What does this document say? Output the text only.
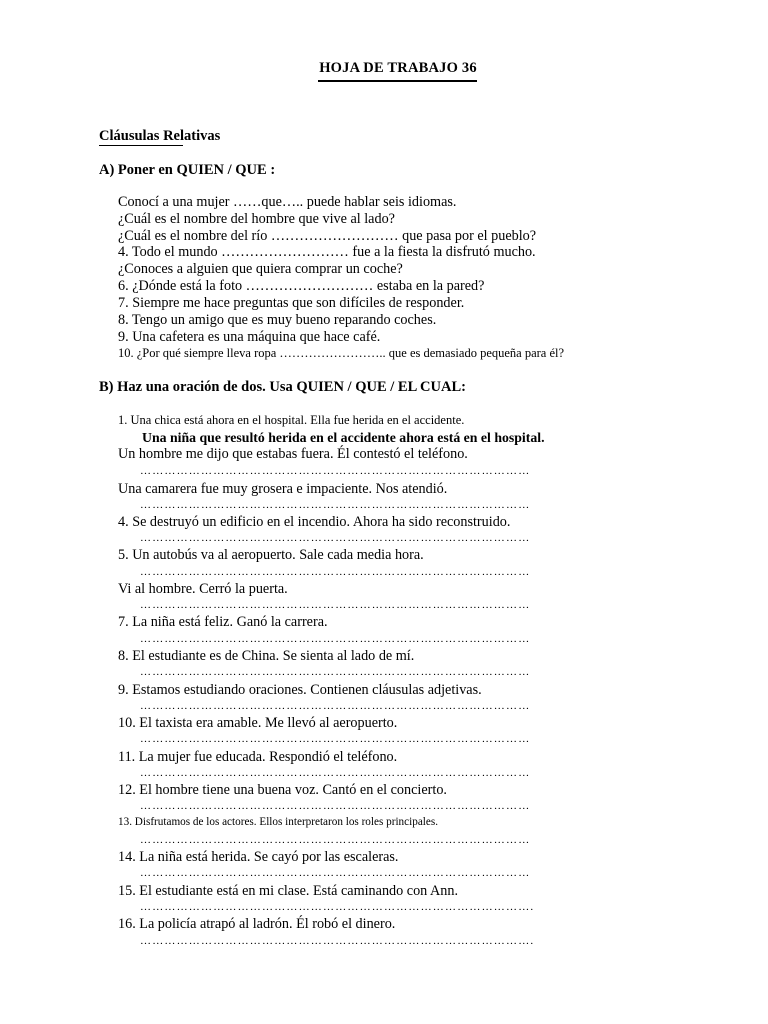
HOJA DE TRABAJO 36
Cláusulas Relativas
A) Poner en QUIEN / QUE :
Conocí a una mujer ……que….. puede hablar seis idiomas.
¿Cuál es el nombre del hombre que vive al lado?
¿Cuál es el nombre del río ……………………… que pasa por el pueblo?
4. Todo el mundo ……………………… fue a la fiesta la disfrutó mucho.
¿Conoces a alguien que quiera comprar un coche?
6. ¿Dónde está la foto ……………………… estaba en la pared?
7. Siempre me hace preguntas que son difíciles de responder.
8. Tengo un amigo que es muy bueno reparando coches.
9. Una cafetera es una máquina que hace café.
10. ¿Por qué siempre lleva ropa …………………….. que es demasiado pequeña para él?
B) Haz una oración de dos. Usa QUIEN / QUE / EL CUAL:
1. Una chica está ahora en el hospital. Ella fue herida en el accidente.
Una niña que resultó herida en el accidente ahora está en el hospital.
Un hombre me dijo que estabas fuera. Él contestó el teléfono.
……………………………………………………………………………………
Una camarera fue muy grosera e impaciente. Nos atendió.
……………………………………………………………………………………
4. Se destruyó un edificio en el incendio. Ahora ha sido reconstruido.
……………………………………………………………………………………
5. Un autobús va al aeropuerto. Sale cada media hora.
……………………………………………………………………………………
Vi al hombre. Cerró la puerta.
……………………………………………………………………………………
7. La niña está feliz. Ganó la carrera.
……………………………………………………………………………………
8. El estudiante es de China. Se sienta al lado de mí.
……………………………………………………………………………………
9. Estamos estudiando oraciones. Contienen cláusulas adjetivas.
……………………………………………………………………………………
10. El taxista era amable. Me llevó al aeropuerto.
……………………………………………………………………………………
11. La mujer fue educada. Respondió el teléfono.
……………………………………………………………………………………
12. El hombre tiene una buena voz. Cantó en el concierto.
……………………………………………………………………………………
13. Disfrutamos de los actores. Ellos interpretaron los roles principales.
……………………………………………………………………………………
14. La niña está herida. Se cayó por las escaleras.
……………………………………………………………………………………
15. El estudiante está en mi clase. Está caminando con Ann.
…………………………………………………………………………………….
16. La policía atrapó al ladrón. Él robó el dinero.
…………………………………………………………………………………….
